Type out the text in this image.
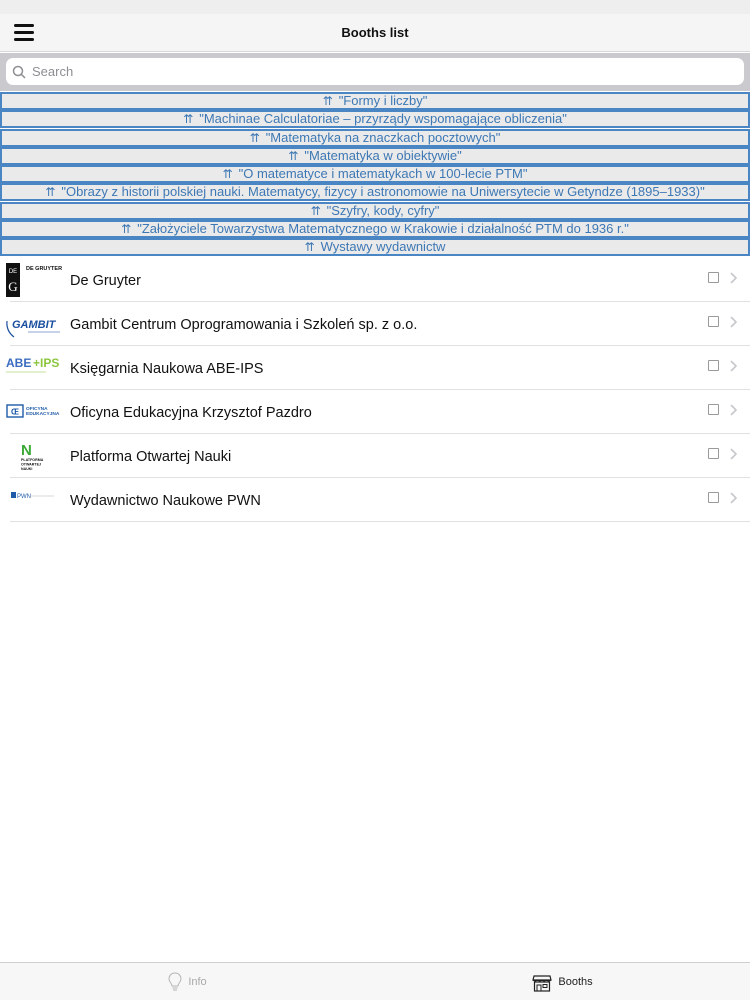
Booths list
Search
⇈ "Formy i liczby"
⇈ "Machinae Calculatoriae – przyrządy wspomagające obliczenia"
⇈ "Matematyka na znaczkach pocztowych"
⇈ "Matematyka w obiektywie"
⇈ "O matematyce i matematykach w 100-lecie PTM"
⇈ "Obrazy z historii polskiej nauki. Matematycy, fizycy i astronomowie na Uniwersytecie w Getyndze (1895–1933)"
⇈ "Szyfry, kody, cyfry"
⇈ "Założyciele Towarzystwa Matematycznego w Krakowie i działalność PTM do 1936 r."
⇈ Wystawy wydawnictw
DE
G
DE GRUYTER
De Gruyter
GAMBIT Gambit Centrum Oprogramowania i Szkoleń sp. z o.o.
ABE +IPS Księgarnia Naukowa ABE-IPS
Œ OFICYNA
EDUKACYJNA Oficyna Edukacyjna Krzysztof Pazdro
N
PLATFORMA
OTWARTEJ
NAUKI
Platforma Otwartej Nauki
PWN	Wydawnictwo Naukowe PWN
Info	Booths
